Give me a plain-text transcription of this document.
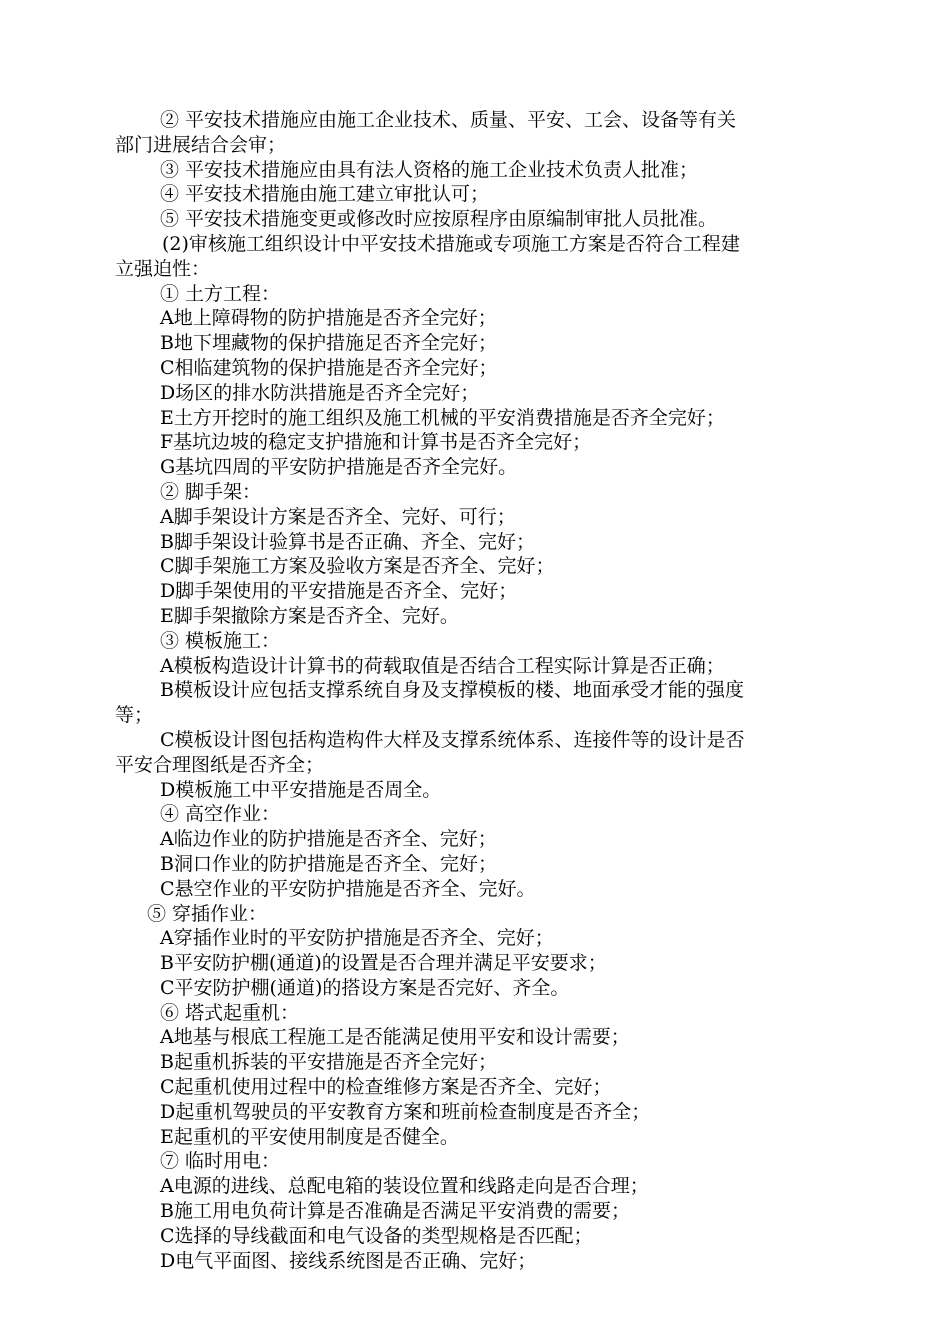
② 平安技术措施应由施工企业技术、质量、平安、工会、设备等有关
部门进展结合会审；
③ 平安技术措施应由具有法人资格的施工企业技术负责人批准；
④ 平安技术措施由施工建立审批认可；
⑤ 平安技术措施变更或修改时应按原程序由原编制审批人员批准。
(2)审核施工组织设计中平安技术措施或专项施工方案是否符合工程建
立强迫性：
① 土方工程：
A地上障碍物的防护措施是否齐全完好；
B地下埋藏物的保护措施足否齐全完好；
C相临建筑物的保护措施是否齐全完好；
D场区的排水防洪措施是否齐全完好；
E土方开挖时的施工组织及施工机械的平安消费措施是否齐全完好；
F基坑边坡的稳定支护措施和计算书是否齐全完好；
G基坑四周的平安防护措施是否齐全完好。
② 脚手架：
A脚手架设计方案是否齐全、完好、可行；
B脚手架设计验算书是否正确、齐全、完好；
C脚手架施工方案及验收方案是否齐全、完好；
D脚手架使用的平安措施是否齐全、完好；
E脚手架撤除方案是否齐全、完好。
③ 模板施工：
A模板构造设计计算书的荷载取值是否结合工程实际计算是否正确；
B模板设计应包括支撑系统自身及支撑模板的楼、地面承受才能的强度
等；
C模板设计图包括构造构件大样及支撑系统体系、连接件等的设计是否
平安合理图纸是否齐全；
D模板施工中平安措施是否周全。
④ 高空作业：
A临边作业的防护措施是否齐全、完好；
B洞口作业的防护措施是否齐全、完好；
C悬空作业的平安防护措施是否齐全、完好。
⑤ 穿插作业：
A穿插作业时的平安防护措施是否齐全、完好；
B平安防护棚(通道)的设置是否合理并满足平安要求；
C平安防护棚(通道)的搭设方案是否完好、齐全。
⑥ 塔式起重机：
A地基与根底工程施工是否能满足使用平安和设计需要；
B起重机拆装的平安措施是否齐全完好；
C起重机使用过程中的检查维修方案是否齐全、完好；
D起重机驾驶员的平安教育方案和班前检查制度是否齐全；
E起重机的平安使用制度是否健全。
⑦ 临时用电：
A电源的进线、总配电箱的装设位置和线路走向是否合理；
B施工用电负荷计算是否准确是否满足平安消费的需要；
C选择的导线截面和电气设备的类型规格是否匹配；
D电气平面图、接线系统图是否正确、完好；
